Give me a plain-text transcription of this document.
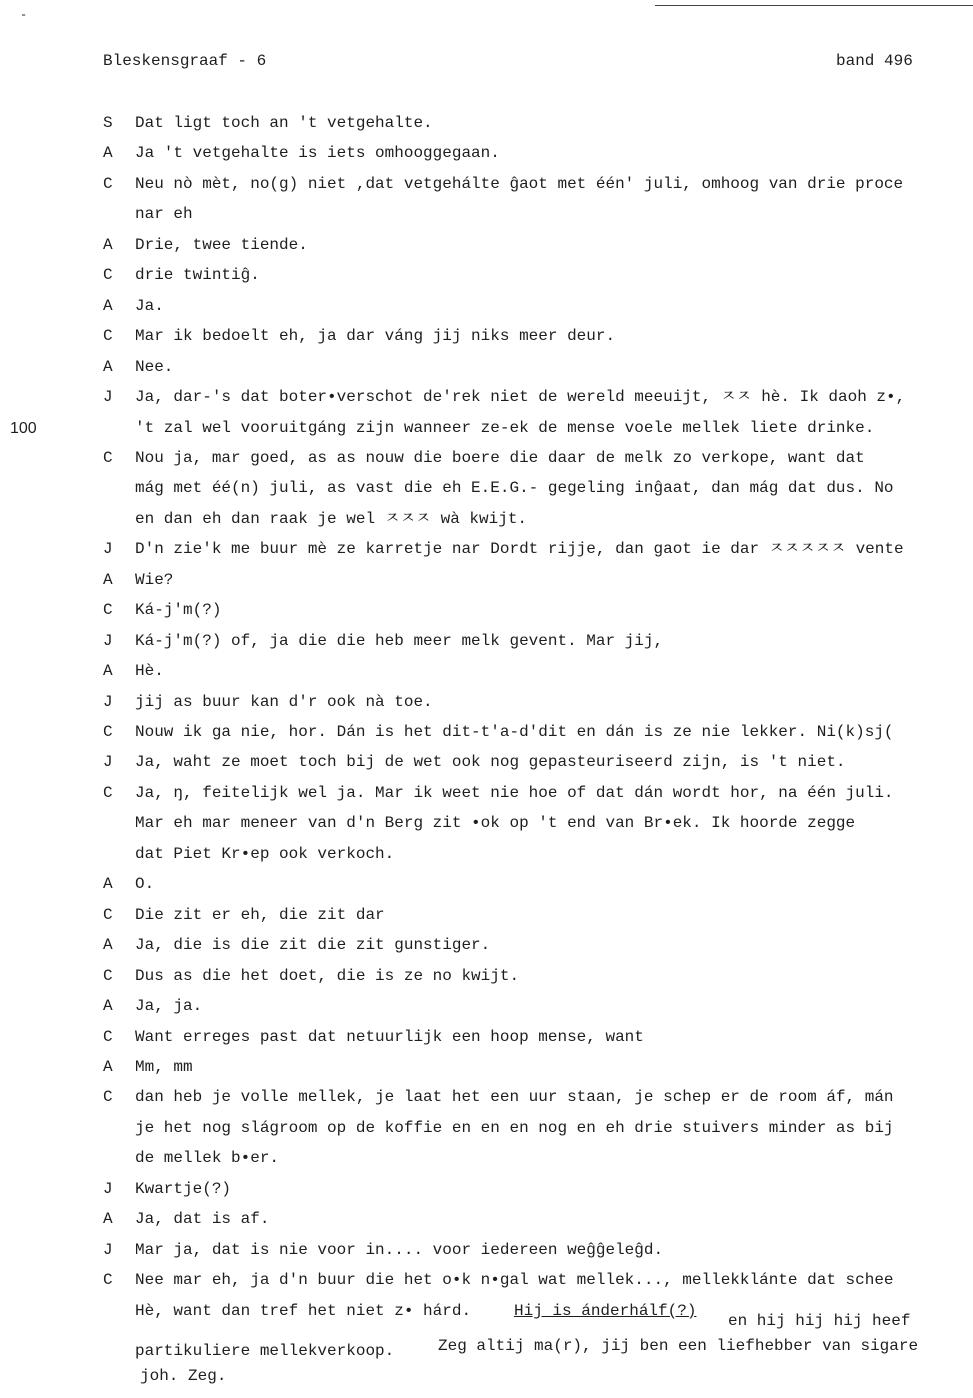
-
Bleskensgraaf - 6	band 496
100
S Dat ligt toch an 't vetgehalte.
A Ja 't vetgehalte is iets omhooggegaan.
C Neu nò mèt, no(g) niet ,dat vetgehálte ĝaot met één' juli, omhoog van drie proce
nar eh
A Drie, twee tiende.
C drie twintiĝ.
A Ja.
C Mar ik bedoelt eh, ja dar váng jij niks meer deur.
A Nee.
J Ja, dar-'s dat boter•verschot de'rek niet de wereld meeuijt, ㅈㅈ hè. Ik daoh z•,
't zal wel vooruitgáng zijn wanneer ze-ek de mense voele mellek liete drinke.
C Nou ja, mar goed, as as nouw die boere die daar de melk zo verkope, want dat
mág met éé(n) juli, as vast die eh E.E.G.- gegeling inĝaat, dan mág dat dus. No
en dan eh dan raak je wel ㅈㅈㅈ wà kwijt.
J D'n zie'k me buur mè ze karretje nar Dordt rijje, dan gaot ie dar ㅈㅈㅈㅈㅈ vente
A Wie?
C Ká-j'm(?)
J Ká-j'm(?) of, ja die die heb meer melk gevent. Mar jij,
A Hè.
J jij as buur kan d'r ook nà toe.
C Nouw ik ga nie, hor. Dán is het dit-t'a-d'dit en dán is ze nie lekker. Ni(k)sj(
J Ja, waht ze moet toch bij de wet ook nog gepasteuriseerd zijn, is 't niet.
C Ja, ŋ, feitelijk wel ja. Mar ik weet nie hoe of dat dán wordt hor, na één juli.
Mar eh mar meneer van d'n Berg zit •ok op 't end van Br•ek. Ik hoorde zegge
dat Piet Kr•ep ook verkoch.
A O.
C Die zit er eh, die zit dar
A Ja, die is die zit die zit gunstiger.
C Dus as die het doet, die is ze no kwijt.
A Ja, ja.
C Want erreges past dat netuurlijk een hoop mense, want
A Mm, mm
C dan heb je volle mellek, je laat het een uur staan, je schep er de room áf, mán
je het nog slágroom op de koffie en en en nog en eh drie stuivers minder as bij
de mellek b•er.
J Kwartje(?)
A Ja, dat is af.
J Mar ja, dat is nie voor in.... voor iedereen weĝĝeleĝd.
C Nee mar eh, ja d'n buur die het o•k n•gal wat mellek..., mellekklánte dat schee
Hè, want dan tref het niet z• hárd.	Hij is ánderhálf(?)
en hij hij hij heef
partikuliere mellekverkoop.	Zeg altij ma(r), jij ben een liefhebber van sigare
joh. Zeg.
